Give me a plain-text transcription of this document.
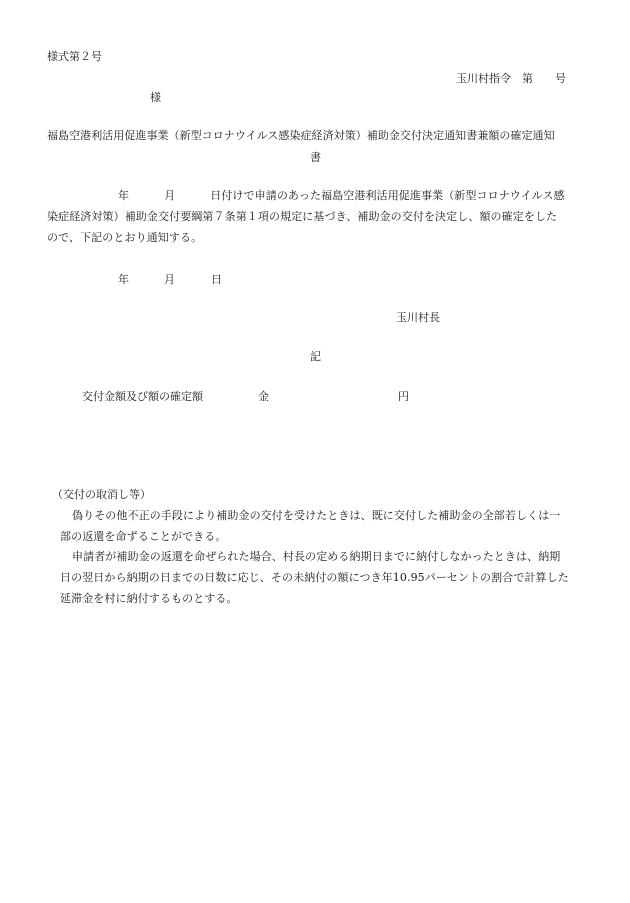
様式第２号
玉川村指令　第　　号
様
福島空港利活用促進事業（新型コロナウイルス感染症経済対策）補助金交付決定通知書兼額の確定通知
書
年	月	日付けで申請のあった福島空港利活用促進事業（新型コロナウイルス感
染症経済対策）補助金交付要綱第７条第１項の規定に基づき、補助金の交付を決定し、額の確定をした
ので、下記のとおり通知する。
年	月	日
玉川村長
記
交付金額及び額の確定額	金	円
（交付の取消し等）
偽りその他不正の手段により補助金の交付を受けたときは、既に交付した補助金の全部若しくは一
部の返還を命ずることができる。
申請者が補助金の返還を命ぜられた場合、村長の定める納期日までに納付しなかったときは、納期
日の翌日から納期の日までの日数に応じ、その未納付の額につき年10.95パーセントの割合で計算した
延滞金を村に納付するものとする。
